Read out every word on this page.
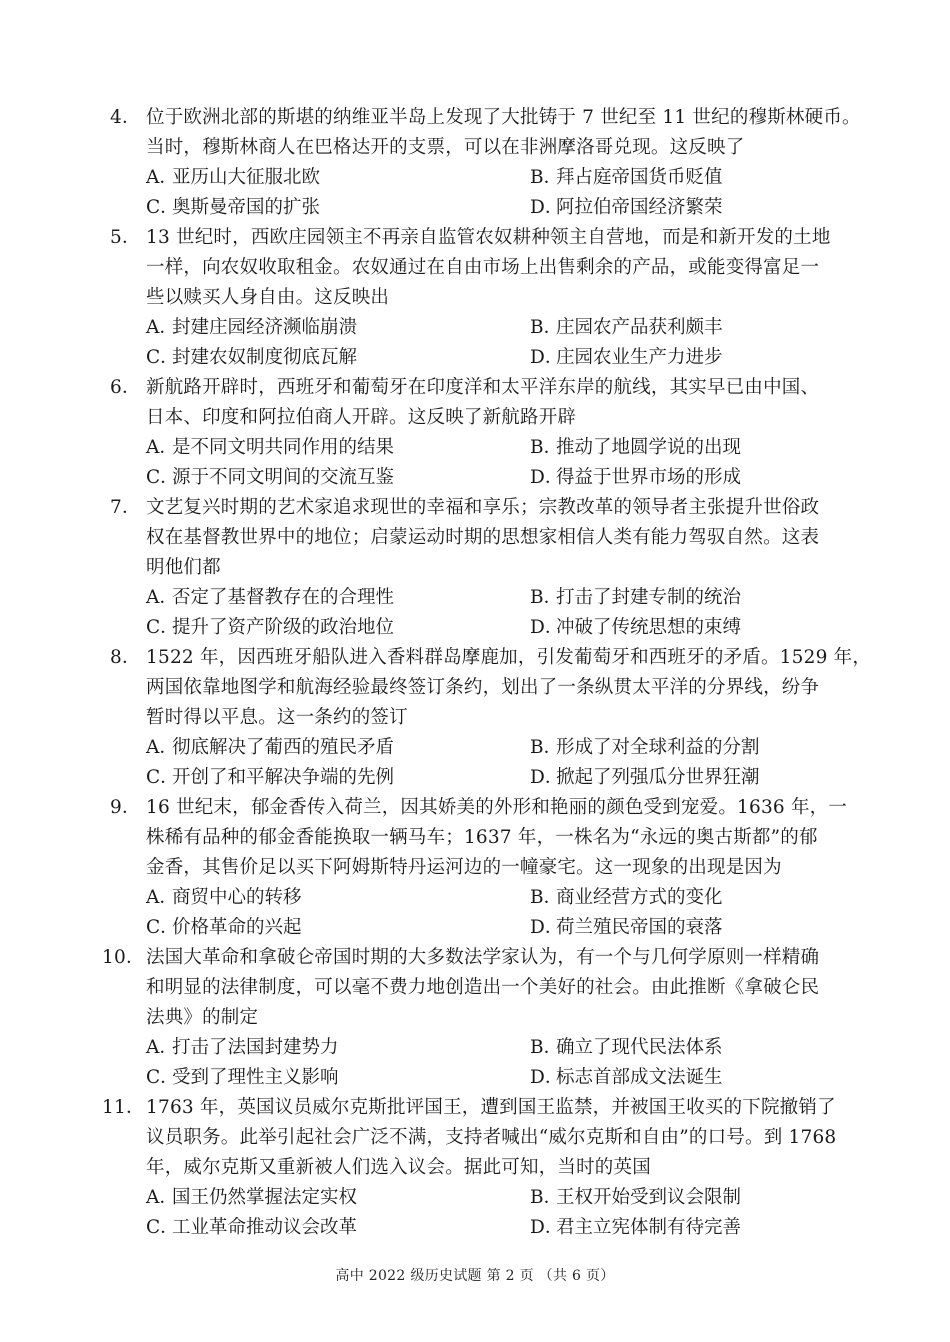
4． 位于欧洲北部的斯堪的纳维亚半岛上发现了大批铸于 7 世纪至 11 世纪的穆斯林硬币。
当时，穆斯林商人在巴格达开的支票，可以在非洲摩洛哥兑现。这反映了
A．亚历山大征服北欧	B．拜占庭帝国货币贬值
C．奥斯曼帝国的扩张	D．阿拉伯帝国经济繁荣
5． 13 世纪时，西欧庄园领主不再亲自监管农奴耕种领主自营地，而是和新开发的土地
一样，向农奴收取租金。农奴通过在自由市场上出售剩余的产品，或能变得富足一
些以赎买人身自由。这反映出
A．封建庄园经济濒临崩溃	B．庄园农产品获利颇丰
C．封建农奴制度彻底瓦解	D．庄园农业生产力进步
6． 新航路开辟时，西班牙和葡萄牙在印度洋和太平洋东岸的航线，其实早已由中国、
日本、印度和阿拉伯商人开辟。这反映了新航路开辟
A．是不同文明共同作用的结果	B．推动了地圆学说的出现
C．源于不同文明间的交流互鉴	D．得益于世界市场的形成
7． 文艺复兴时期的艺术家追求现世的幸福和享乐；宗教改革的领导者主张提升世俗政
权在基督教世界中的地位；启蒙运动时期的思想家相信人类有能力驾驭自然。这表
明他们都
A．否定了基督教存在的合理性	B．打击了封建专制的统治
C．提升了资产阶级的政治地位	D．冲破了传统思想的束缚
8． 1522 年，因西班牙船队进入香料群岛摩鹿加，引发葡萄牙和西班牙的矛盾。1529 年，
两国依靠地图学和航海经验最终签订条约，划出了一条纵贯太平洋的分界线，纷争
暂时得以平息。这一条约的签订
A．彻底解决了葡西的殖民矛盾	B．形成了对全球利益的分割
C．开创了和平解决争端的先例	D．掀起了列强瓜分世界狂潮
9． 16 世纪末，郁金香传入荷兰，因其娇美的外形和艳丽的颜色受到宠爱。1636 年，一
株稀有品种的郁金香能换取一辆马车；1637 年，一株名为“永远的奥古斯都”的郁
金香，其售价足以买下阿姆斯特丹运河边的一幢豪宅。这一现象的出现是因为
A．商贸中心的转移	B．商业经营方式的变化
C．价格革命的兴起	D．荷兰殖民帝国的衰落
10．法国大革命和拿破仑帝国时期的大多数法学家认为，有一个与几何学原则一样精确
和明显的法律制度，可以毫不费力地创造出一个美好的社会。由此推断《拿破仑民
法典》的制定
A．打击了法国封建势力	B．确立了现代民法体系
C．受到了理性主义影响	D．标志首部成文法诞生
11．1763 年，英国议员威尔克斯批评国王，遭到国王监禁，并被国王收买的下院撤销了
议员职务。此举引起社会广泛不满，支持者喊出“威尔克斯和自由”的口号。到 1768
年，威尔克斯又重新被人们选入议会。据此可知，当时的英国
A．国王仍然掌握法定实权	B．王权开始受到议会限制
C．工业革命推动议会改革	D．君主立宪体制有待完善
高中 2022 级历史试题 第 2 页 （共 6 页）
